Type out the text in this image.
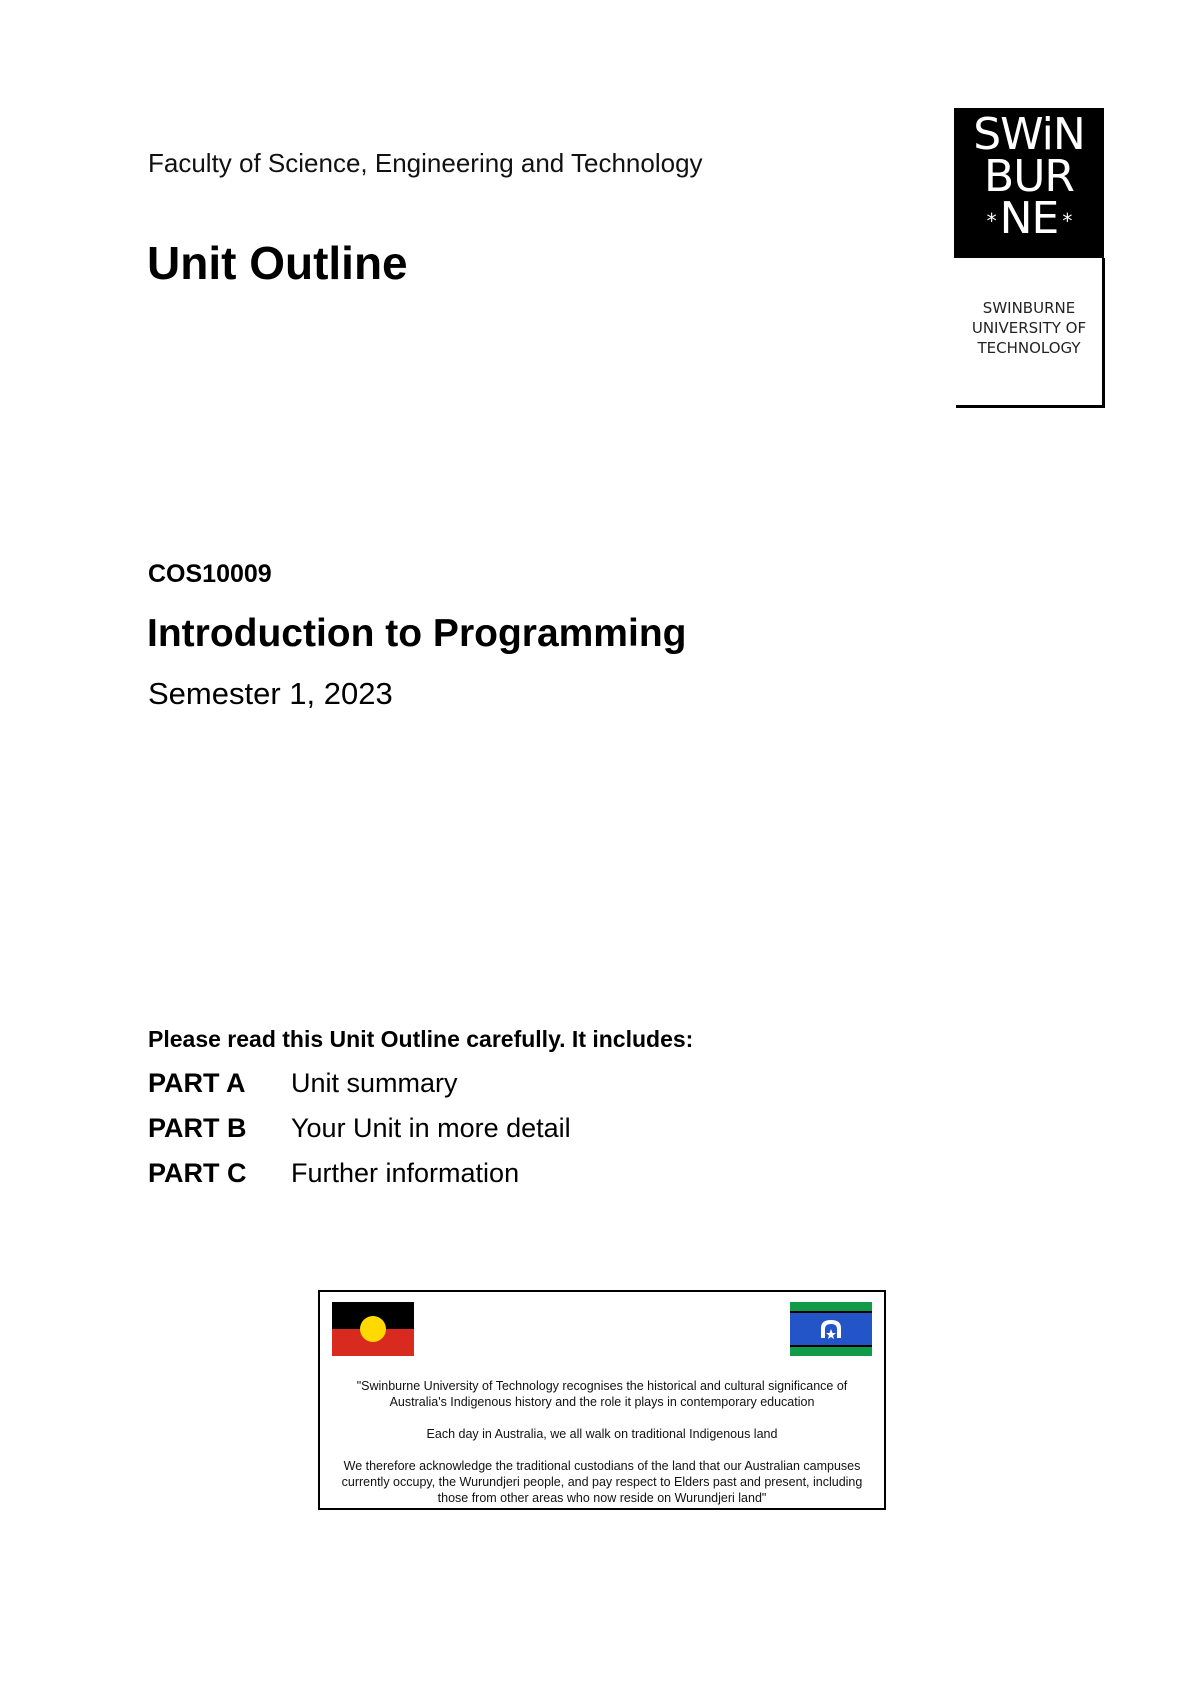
Faculty of Science, Engineering and Technology
Unit Outline
SWiN
BUR
*NE *
SWINBURNE
UNIVERSITY OF
TECHNOLOGY
COS10009
Introduction to Programming
Semester 1, 2023
Please read this Unit Outline carefully. It includes:
PART A Unit summary
PART B Your Unit in more detail
PART C Further information

"Swinburne University of Technology recognises the historical and cultural significance of Australia's Indigenous history and the role it plays in contemporary education

Each day in Australia, we all walk on traditional Indigenous land

We therefore acknowledge the traditional custodians of the land that our Australian campuses currently occupy, the Wurundjeri people, and pay respect to Elders past and present, including those from other areas who now reside on Wurundjeri land"
